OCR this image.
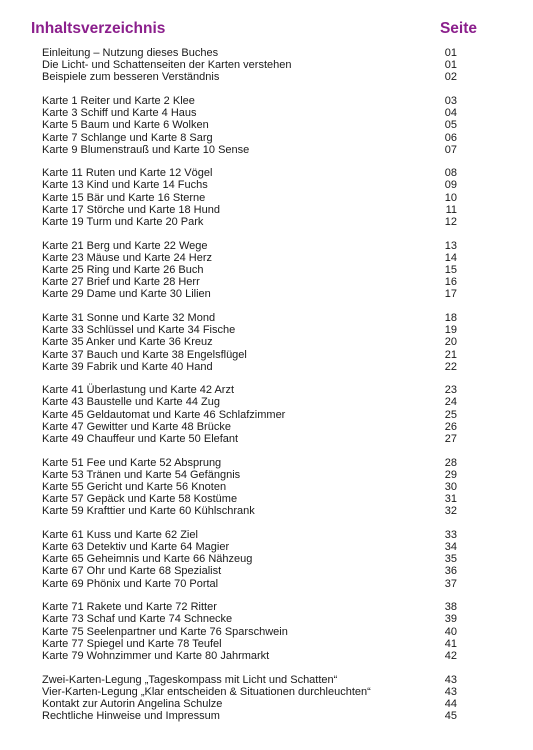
Inhaltsverzeichnis	Seite
Einleitung – Nutzung dieses Buches	01
Die Licht- und Schattenseiten der Karten verstehen	01
Beispiele zum besseren Verständnis	02
Karte 1 Reiter und Karte 2 Klee	03
Karte 3 Schiff und Karte 4 Haus	04
Karte 5 Baum und Karte 6 Wolken	05
Karte 7 Schlange und Karte 8 Sarg	06
Karte 9 Blumenstrauß und Karte 10 Sense	07
Karte 11 Ruten und Karte 12 Vögel	08
Karte 13 Kind und Karte 14 Fuchs	09
Karte 15 Bär und Karte 16 Sterne	10
Karte 17 Störche und Karte 18 Hund	11
Karte 19 Turm und Karte 20 Park	12
Karte 21 Berg und Karte 22 Wege	13
Karte 23 Mäuse und Karte 24 Herz	14
Karte 25 Ring und Karte 26 Buch	15
Karte 27 Brief und Karte 28 Herr	16
Karte 29 Dame und Karte 30 Lilien	17
Karte 31 Sonne und Karte 32 Mond	18
Karte 33 Schlüssel und Karte 34 Fische	19
Karte 35 Anker und Karte 36 Kreuz	20
Karte 37 Bauch und Karte 38 Engelsflügel	21
Karte 39 Fabrik und Karte 40 Hand	22
Karte 41 Überlastung und Karte 42 Arzt	23
Karte 43 Baustelle und Karte 44 Zug	24
Karte 45 Geldautomat und Karte 46 Schlafzimmer	25
Karte 47 Gewitter und Karte 48 Brücke	26
Karte 49 Chauffeur und Karte 50 Elefant	27
Karte 51 Fee und Karte 52 Absprung	28
Karte 53 Tränen und Karte 54 Gefängnis	29
Karte 55 Gericht und Karte 56 Knoten	30
Karte 57 Gepäck und Karte 58 Kostüme	31
Karte 59 Krafttier und Karte 60 Kühlschrank	32
Karte 61 Kuss und Karte 62 Ziel	33
Karte 63 Detektiv und Karte 64 Magier	34
Karte 65 Geheimnis und Karte 66 Nähzeug	35
Karte 67 Ohr und Karte 68 Spezialist	36
Karte 69 Phönix und Karte 70 Portal	37
Karte 71 Rakete und Karte 72 Ritter	38
Karte 73 Schaf und Karte 74 Schnecke	39
Karte 75 Seelenpartner und Karte 76 Sparschwein	40
Karte 77 Spiegel und Karte 78 Teufel	41
Karte 79 Wohnzimmer und Karte 80 Jahrmarkt	42
Zwei-Karten-Legung „Tageskompass mit Licht und Schatten“	43
Vier-Karten-Legung „Klar entscheiden & Situationen durchleuchten“	43
Kontakt zur Autorin Angelina Schulze	44
Rechtliche Hinweise und Impressum	45
